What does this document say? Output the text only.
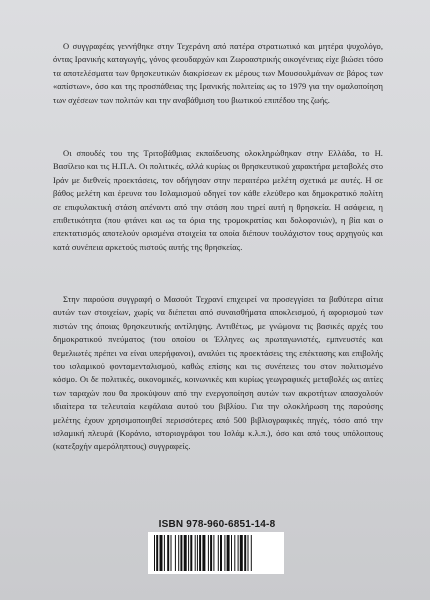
Ο συγγραφέας γεννήθηκε στην Τεχεράνη από πατέρα στρατιωτικό και μητέρα ψυχολόγο, όντας Ιρανικής καταγωγής, γόνος φεουδαρχών και Ζωροαστρικής οικογένειας είχε βιώσει τόσο τα αποτελέσματα των θρησκευτικών διακρίσεων εκ μέρους των Μουσουλμάνων σε βάρος των «απίστων», όσο και της προσπάθειας της Ιρανικής πολιτείας ως το 1979 για την ομαλοποίηση των σχέσεων των πολιτών και την αναβάθμιση του βιωτικού επιπέδου της ζωής.

Οι σπουδές του της Τριτοβάθμιας εκπαίδευσης ολοκληρώθηκαν στην Ελλάδα, το Η. Βασίλειο και τις Η.Π.Α. Οι πολιτικές, αλλά κυρίως οι θρησκευτικού χαρακτήρα μεταβολές στο Ιράν με διεθνείς προεκτάσεις, τον οδήγησαν στην περαιτέρω μελέτη σχετικά με αυτές. Η σε βάθος μελέτη και έρευνα του Ισλαμισμού οδηγεί τον κάθε ελεύθερο και δημοκρατικό πολίτη σε επιφυλακτική στάση απέναντι από την στάση που τηρεί αυτή η θρησκεία. Η ασάφεια, η επιθετικότητα (που φτάνει και ως τα όρια της τρομοκρατίας και δολοφονιών), η βία και ο επεκτατισμός αποτελούν ορισμένα στοιχεία τα οποία διέπουν τουλάχιστον τους αρχηγούς και κατά συνέπεια αρκετούς πιστούς αυτής της θρησκείας.

Στην παρούσα συγγραφή ο Μασούτ Τεχρανί επιχειρεί να προσεγγίσει τα βαθύτερα αίτια αυτών των στοιχείων, χωρίς να διέπεται από συναισθήματα αποκλεισμού, ή αφορισμού των πιστών της όποιας θρησκευτικής αντίληψης. Αντιθέτως, με γνώμονα τις βασικές αρχές του δημοκρατικού πνεύματος (του οποίου οι Έλληνες ως πρωταγωνιστές, εμπνευστές και θεμελιωτές πρέπει να είναι υπερήφανοι), αναλύει τις προεκτάσεις της επέκτασης και επιβολής του ισλαμικού φονταμενταλισμού, καθώς επίσης και τις συνέπειες του στον πολιτισμένο κόσμο. Οι δε πολιτικές, οικονομικές, κοινωνικές και κυρίως γεωγραφικές μεταβολές ως αιτίες των ταραχών που θα προκύψουν από την ενεργοποίηση αυτών των ακροτήτων απασχολούν ιδιαίτερα τα τελευταία κεφάλαια αυτού του βιβλίου. Για την ολοκλήρωση της παρούσης μελέτης έχουν χρησιμοποιηθεί περισσότερες από 500 βιβλιογραφικές πηγές, τόσο από την ισλαμική πλευρά (Κοράνιο, ιστοριογράφοι του Ισλάμ κ.λ.π.), όσο και από τους υπόλοιπους (κατεξοχήν αμερόληπτους) συγγραφείς.

ISBN 978-960-6851-14-8
